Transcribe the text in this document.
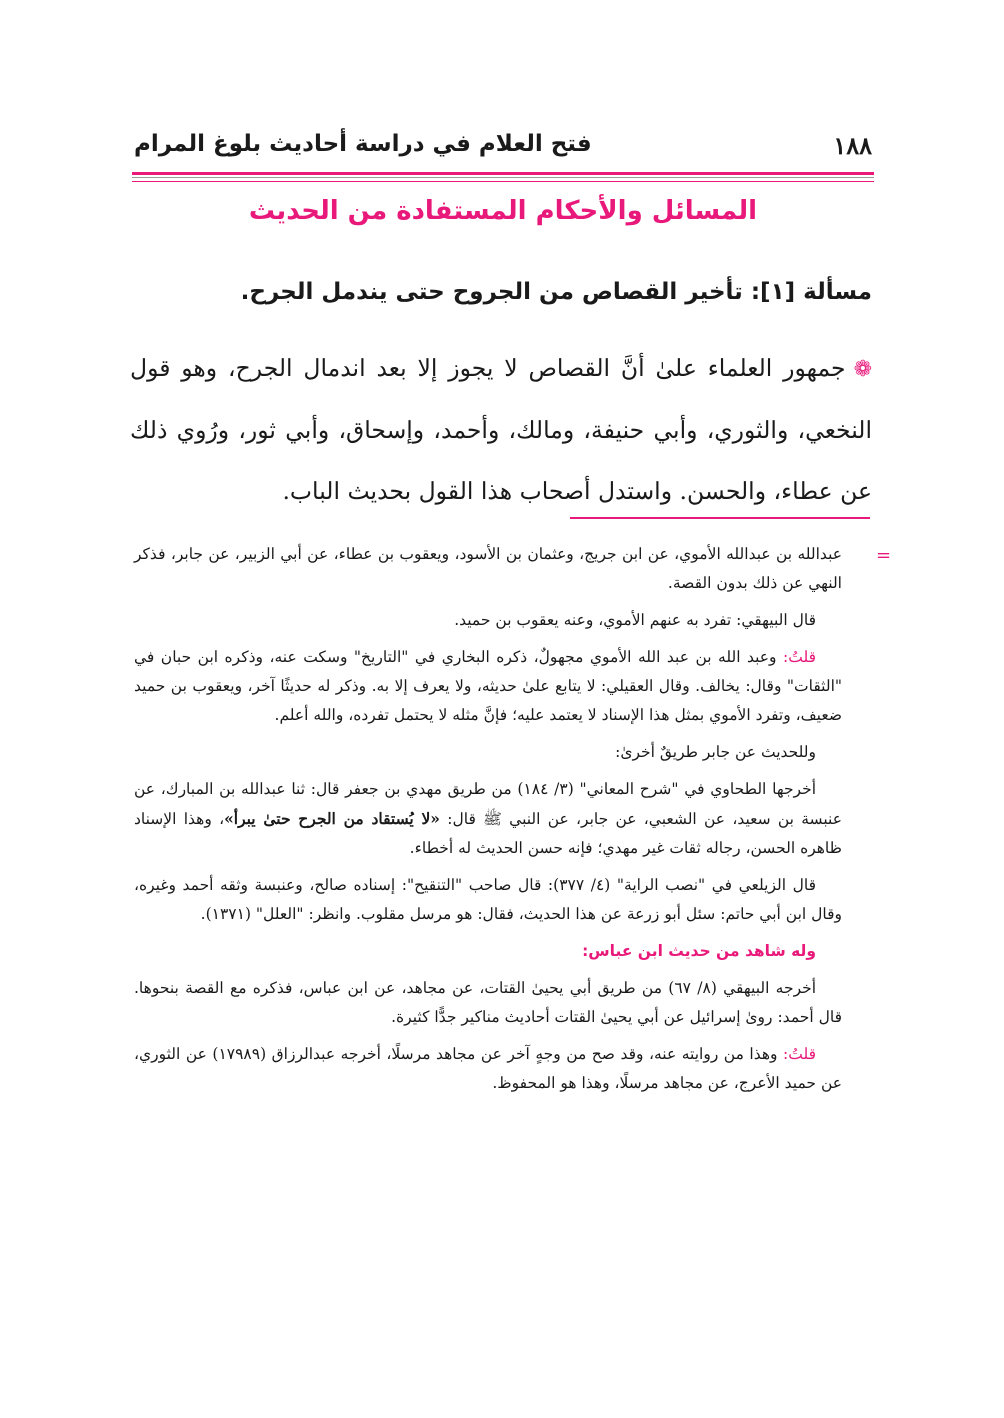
١٨٨
فتح العلام في دراسة أحاديث بلوغ المرام
المسائل والأحكام المستفادة من الحديث
مسألة [١]: تأخير القصاص من الجروح حتى يندمل الجرح.
❁جمهور العلماء علىٰ أنَّ القصاص لا يجوز إلا بعد اندمال الجرح، وهو قول النخعي، والثوري، وأبي حنيفة، ومالك، وأحمد، وإسحاق، وأبي ثور، ورُوي ذلك عن عطاء، والحسن. واستدل أصحاب هذا القول بحديث الباب.
=

عبدالله بن عبدالله الأموي، عن ابن جريج، وعثمان بن الأسود، ويعقوب بن عطاء، عن أبي الزبير، عن جابر، فذكر النهي عن ذلك بدون القصة.

قال البيهقي: تفرد به عنهم الأموي، وعنه يعقوب بن حميد.

قلتُ: وعبد الله بن عبد الله الأموي مجهولٌ، ذكره البخاري في "التاريخ" وسكت عنه، وذكره ابن حبان في "الثقات" وقال: يخالف. وقال العقيلي: لا يتابع علىٰ حديثه، ولا يعرف إلا به. وذكر له حديثًا آخر، ويعقوب بن حميد ضعيف، وتفرد الأموي بمثل هذا الإسناد لا يعتمد عليه؛ فإنَّ مثله لا يحتمل تفرده، والله أعلم.

وللحديث عن جابر طريقٌ أخرىٰ:

أخرجها الطحاوي في "شرح المعاني" (٣/ ١٨٤) من طريق مهدي بن جعفر قال: ثنا عبدالله بن المبارك، عن عنبسة بن سعيد، عن الشعبي، عن جابر، عن النبي ﷺ قال: «لا يُستقاد من الجرح حتىٰ يبرأ»، وهذا الإسناد ظاهره الحسن، رجاله ثقات غير مهدي؛ فإنه حسن الحديث له أخطاء.

قال الزيلعي في "نصب الراية" (٤/ ٣٧٧): قال صاحب "التنقيح": إسناده صالح، وعنبسة وثقه أحمد وغيره، وقال ابن أبي حاتم: سئل أبو زرعة عن هذا الحديث، فقال: هو مرسل مقلوب. وانظر: "العلل" (١٣٧١).

وله شاهد من حديث ابن عباس:

أخرجه البيهقي (٨/ ٦٧) من طريق أبي يحيىٰ القتات، عن مجاهد، عن ابن عباس، فذكره مع القصة بنحوها. قال أحمد: روىٰ إسرائيل عن أبي يحيىٰ القتات أحاديث مناكير جدًّا كثيرة.

قلتُ: وهذا من روايته عنه، وقد صح من وجهٍ آخر عن مجاهد مرسلًا، أخرجه عبدالرزاق (١٧٩٨٩) عن الثوري، عن حميد الأعرج، عن مجاهد مرسلًا، وهذا هو المحفوظ.
